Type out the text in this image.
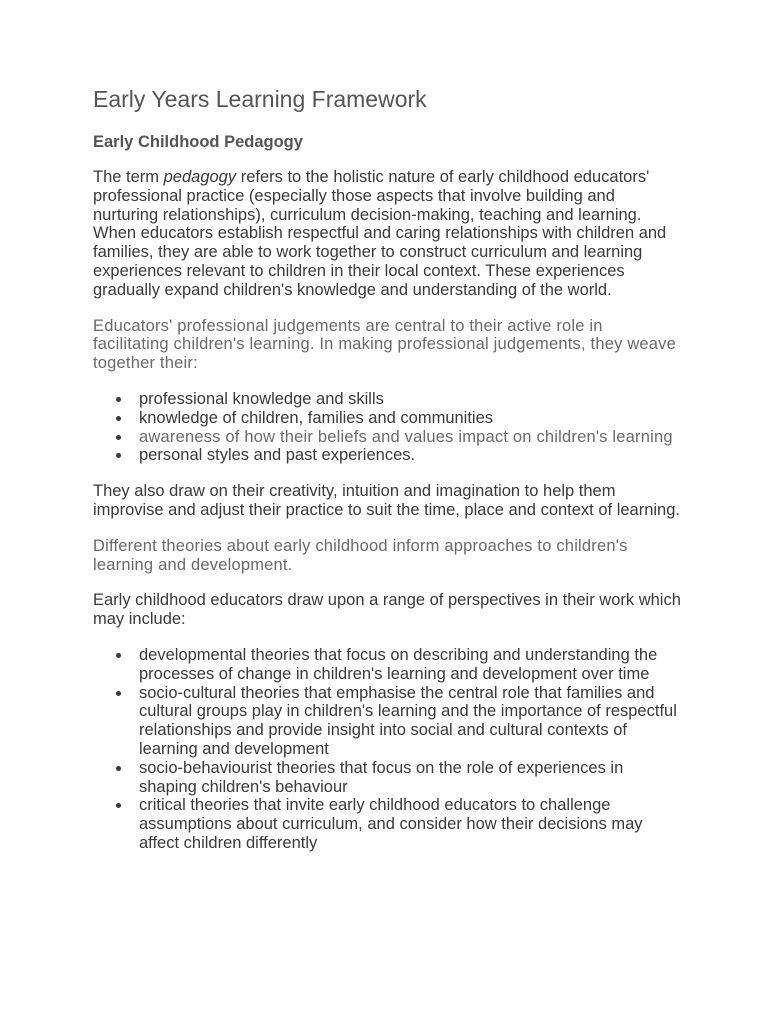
Early Years Learning Framework
Early Childhood Pedagogy

The term pedagogy refers to the holistic nature of early childhood educators' professional practice (especially those aspects that involve building and nurturing relationships), curriculum decision-making, teaching and learning. When educators establish respectful and caring relationships with children and families, they are able to work together to construct curriculum and learning experiences relevant to children in their local context. These experiences gradually expand children's knowledge and understanding of the world.

Educators' professional judgements are central to their active role in facilitating children's learning. In making professional judgements, they weave together their:

professional knowledge and skills
knowledge of children, families and communities
awareness of how their beliefs and values impact on children's learning
personal styles and past experiences.

They also draw on their creativity, intuition and imagination to help them improvise and adjust their practice to suit the time, place and context of learning.

Different theories about early childhood inform approaches to children's learning and development.

Early childhood educators draw upon a range of perspectives in their work which may include:

developmental theories that focus on describing and understanding the processes of change in children's learning and development over time
socio-cultural theories that emphasise the central role that families and cultural groups play in children's learning and the importance of respectful relationships and provide insight into social and cultural contexts of learning and development
socio-behaviourist theories that focus on the role of experiences in shaping children's behaviour
critical theories that invite early childhood educators to challenge assumptions about curriculum, and consider how their decisions may affect children differently
